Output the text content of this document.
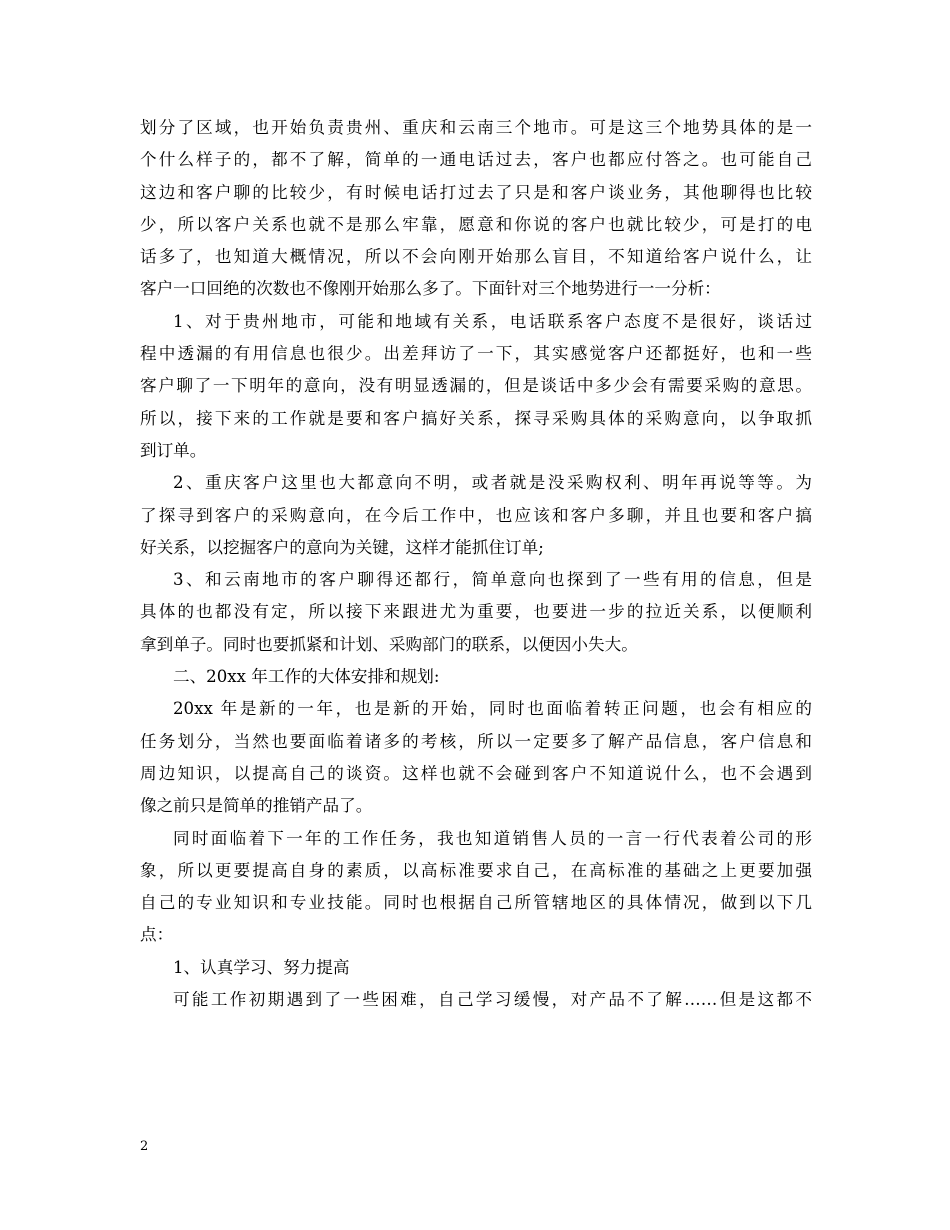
划分了区域，也开始负责贵州、重庆和云南三个地市。可是这三个地势具体的是一
个什么样子的，都不了解，简单的一通电话过去，客户也都应付答之。也可能自己
这边和客户聊的比较少，有时候电话打过去了只是和客户谈业务，其他聊得也比较
少，所以客户关系也就不是那么牢靠，愿意和你说的客户也就比较少，可是打的电
话多了，也知道大概情况，所以不会向刚开始那么盲目，不知道给客户说什么，让
客户一口回绝的次数也不像刚开始那么多了。下面针对三个地势进行一一分析：
1、对于贵州地市，可能和地域有关系，电话联系客户态度不是很好，谈话过
程中透漏的有用信息也很少。出差拜访了一下，其实感觉客户还都挺好，也和一些
客户聊了一下明年的意向，没有明显透漏的，但是谈话中多少会有需要采购的意思。
所以，接下来的工作就是要和客户搞好关系，探寻采购具体的采购意向，以争取抓
到订单。
2、重庆客户这里也大都意向不明，或者就是没采购权利、明年再说等等。为
了探寻到客户的采购意向，在今后工作中，也应该和客户多聊，并且也要和客户搞
好关系，以挖掘客户的意向为关键，这样才能抓住订单;
3、和云南地市的客户聊得还都行，简单意向也探到了一些有用的信息，但是
具体的也都没有定，所以接下来跟进尤为重要，也要进一步的拉近关系，以便顺利
拿到单子。同时也要抓紧和计划、采购部门的联系，以便因小失大。
二、20xx 年工作的大体安排和规划:
20xx 年是新的一年，也是新的开始，同时也面临着转正问题，也会有相应的
任务划分，当然也要面临着诸多的考核，所以一定要多了解产品信息，客户信息和
周边知识，以提高自己的谈资。这样也就不会碰到客户不知道说什么，也不会遇到
像之前只是简单的推销产品了。
同时面临着下一年的工作任务，我也知道销售人员的一言一行代表着公司的形
象，所以更要提高自身的素质，以高标准要求自己，在高标准的基础之上更要加强
自己的专业知识和专业技能。同时也根据自己所管辖地区的具体情况，做到以下几
点：
1、认真学习、努力提高
可能工作初期遇到了一些困难，自己学习缓慢，对产品不了解……但是这都不
2
